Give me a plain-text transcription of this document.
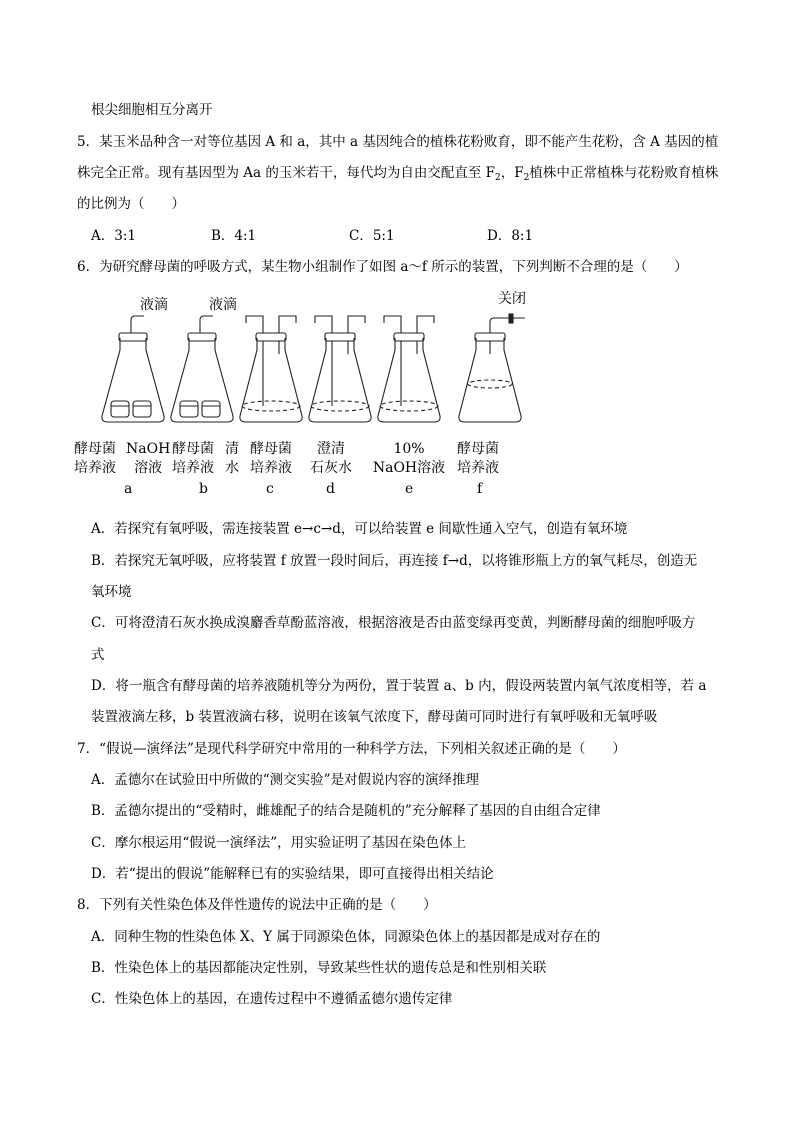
根尖细胞相互分离开
5．某玉米品种含一对等位基因 A 和 a，其中 a 基因纯合的植株花粉败育，即不能产生花粉，含 A 基因的植
株完全正常。现有基因型为 Aa 的玉米若干，每代均为自由交配直至 $F_2$，$F_2$植株中正常植株与花粉败育植株
的比例为（　　）
A．3:1	B．4:1	C．5:1	D．8:1
6．为研究酵母菌的呼吸方式，某生物小组制作了如图 a～f 所示的装置，下列判断不合理的是（　　）
液滴	液滴	关闭
酵母菌
培养液
NaOH
溶液
a
酵母菌
培养液
清
水
b
酵母菌
培养液
c
澄清
石灰水
d
10%
NaOH溶液
e
酵母菌
培养液
f
A．若探究有氧呼吸，需连接装置 e→c→d，可以给装置 e 间歇性通入空气，创造有氧环境
B．若探究无氧呼吸，应将装置 f 放置一段时间后，再连接 f→d，以将锥形瓶上方的氧气耗尽，创造无
氧环境
C．可将澄清石灰水换成溴麝香草酚蓝溶液，根据溶液是否由蓝变绿再变黄，判断酵母菌的细胞呼吸方
式
D．将一瓶含有酵母菌的培养液随机等分为两份，置于装置 a、b 内，假设两装置内氧气浓度相等，若 a
装置液滴左移，b 装置液滴右移，说明在该氧气浓度下，酵母菌可同时进行有氧呼吸和无氧呼吸
7．“假说—演绎法”是现代科学研究中常用的一种科学方法，下列相关叙述正确的是（　　）
A．孟德尔在试验田中所做的“测交实验”是对假说内容的演绎推理
B．孟德尔提出的“受精时，雌雄配子的结合是随机的”充分解释了基因的自由组合定律
C．摩尔根运用“假说一演绎法”，用实验证明了基因在染色体上
D．若“提出的假说”能解释已有的实验结果，即可直接得出相关结论
8．下列有关性染色体及伴性遗传的说法中正确的是（　　）
A．同种生物的性染色体 X、Y 属于同源染色体，同源染色体上的基因都是成对存在的
B．性染色体上的基因都能决定性别，导致某些性状的遗传总是和性别相关联
C．性染色体上的基因，在遗传过程中不遵循孟德尔遗传定律
